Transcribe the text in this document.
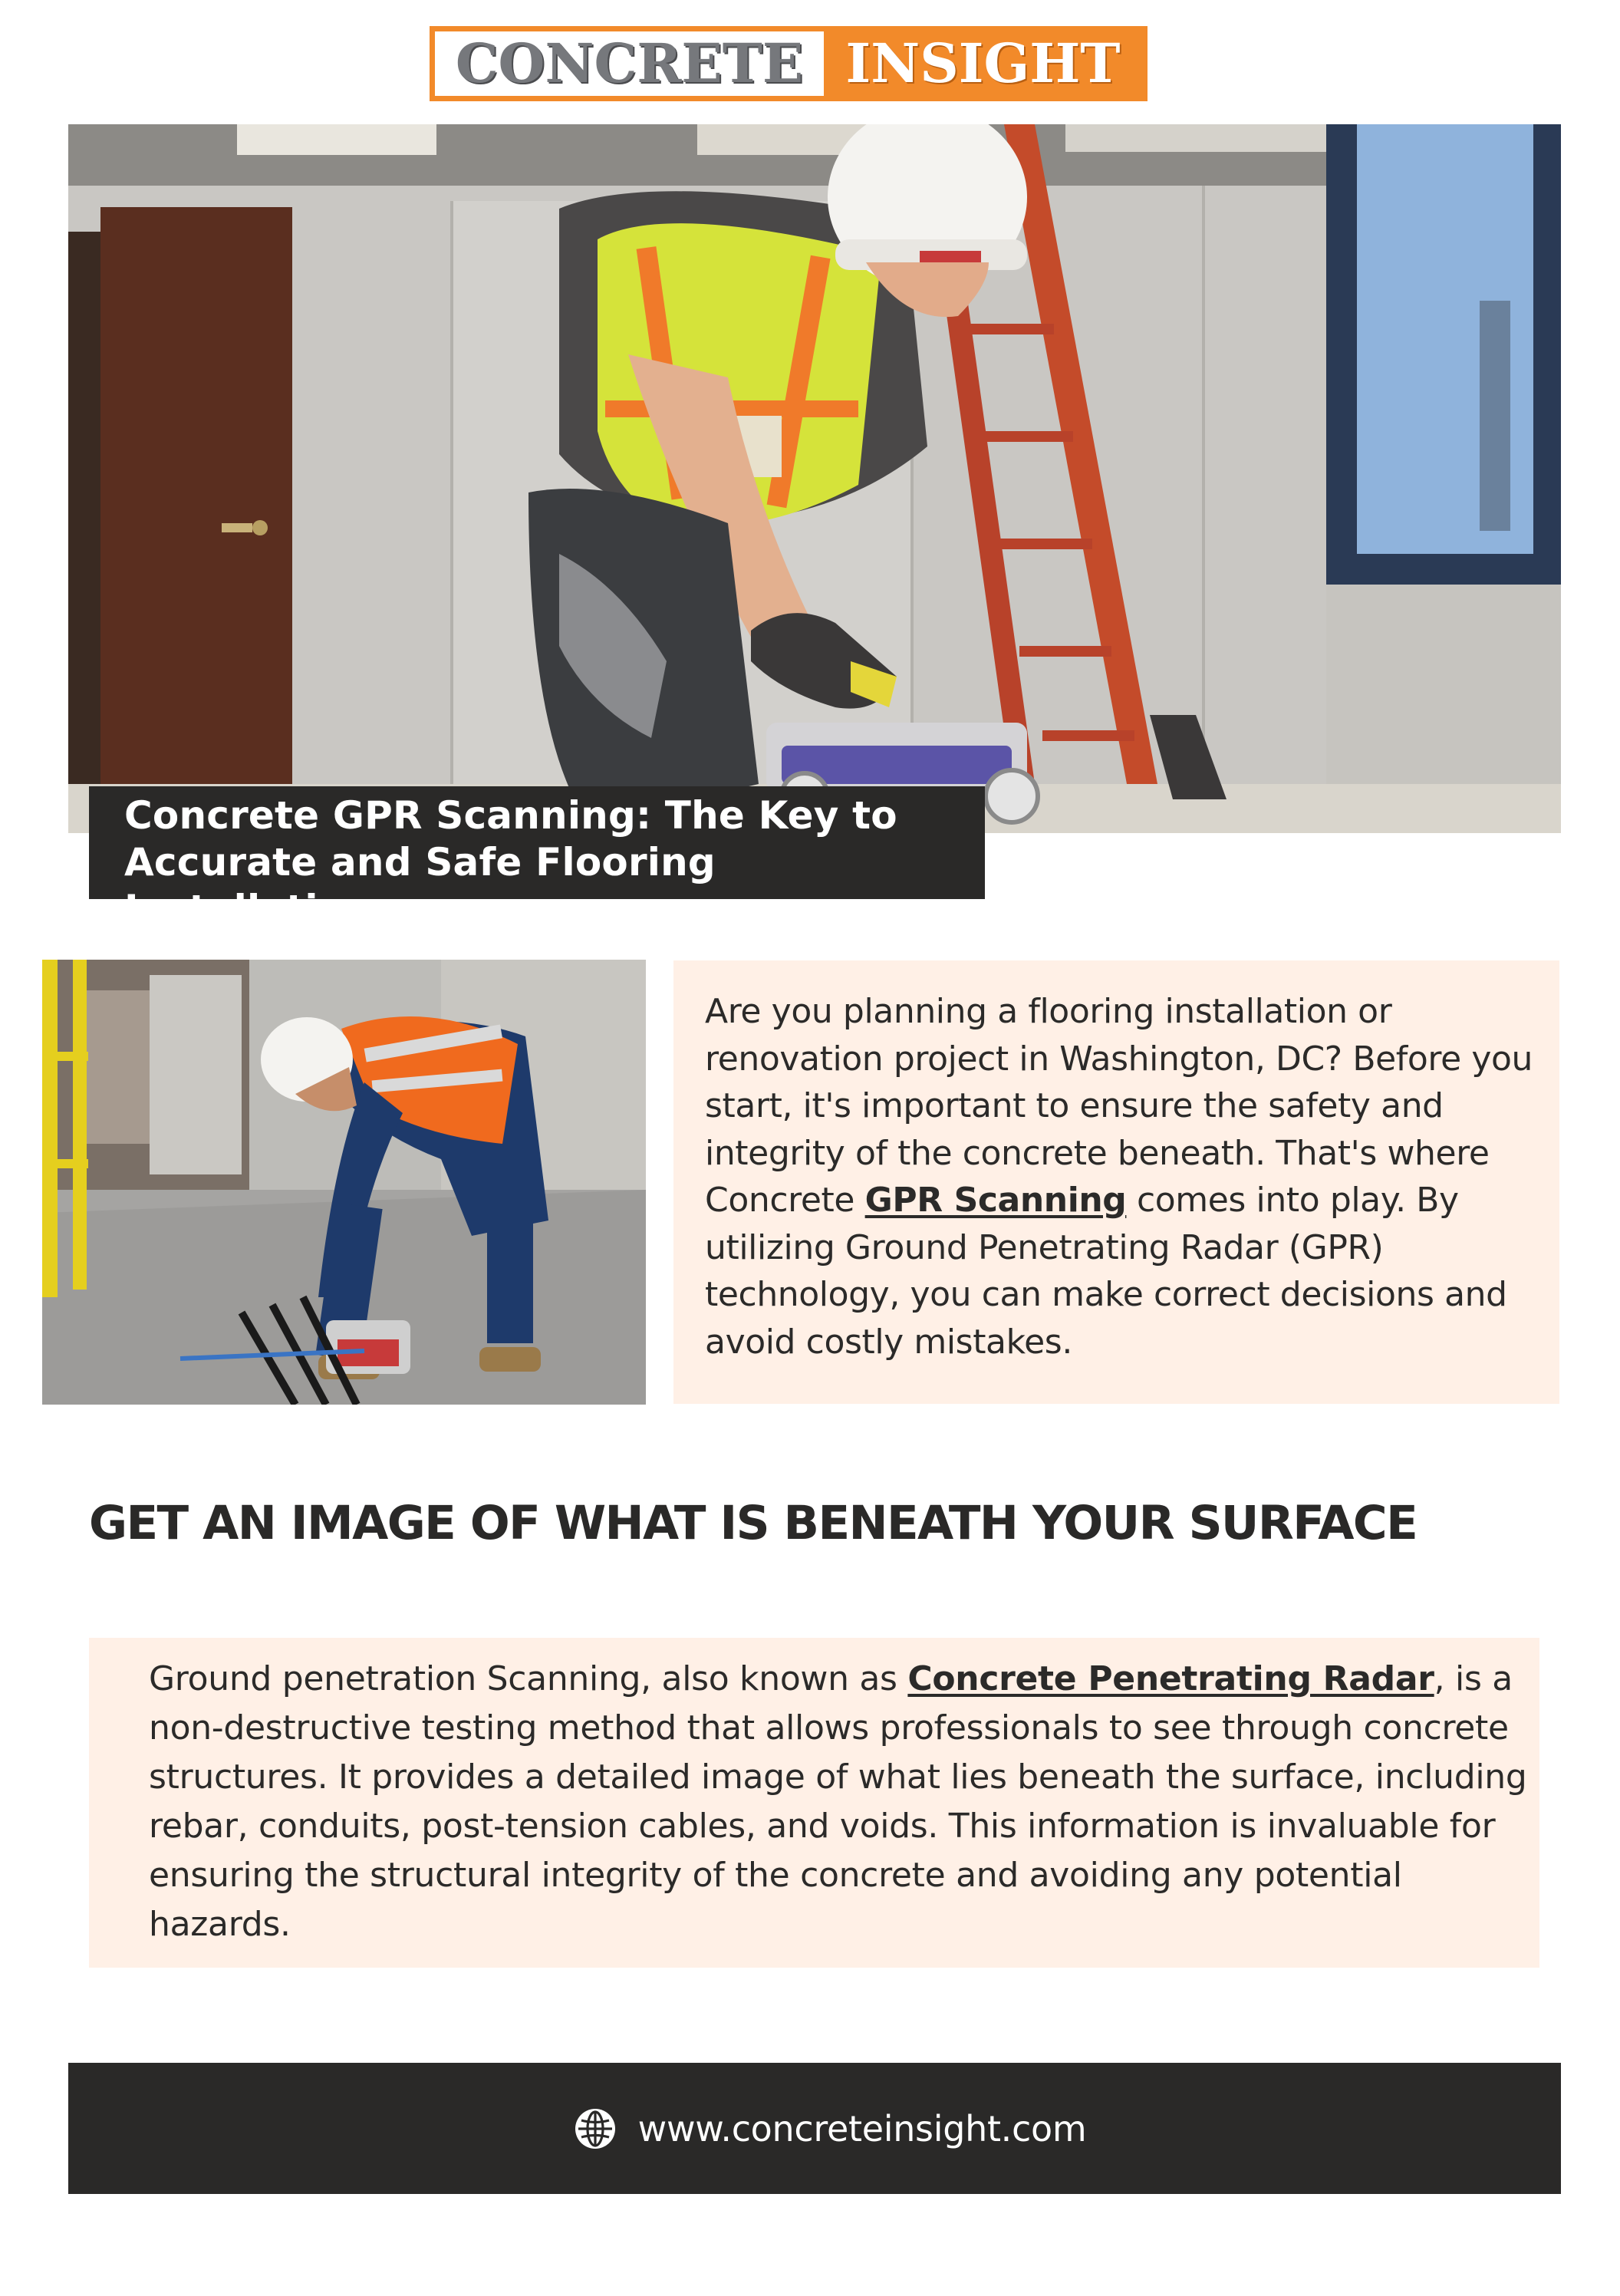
CONCRETE INSIGHT
Concrete GPR Scanning: The Key to
Accurate and Safe Flooring Installations

Are you planning a flooring installation or renovation project in Washington, DC? Before you start, it's important to ensure the safety and integrity of the concrete beneath. That's where Concrete GPR Scanning comes into play. By utilizing Ground Penetrating Radar (GPR) technology, you can make correct decisions and avoid costly mistakes.

GET AN IMAGE OF WHAT IS BENEATH YOUR SURFACE

Ground penetration Scanning, also known as Concrete Penetrating Radar, is a non-destructive testing method that allows professionals to see through concrete structures. It provides a detailed image of what lies beneath the surface, including rebar, conduits, post-tension cables, and voids. This information is invaluable for ensuring the structural integrity of the concrete and avoiding any potential hazards.

www.concreteinsight.com
